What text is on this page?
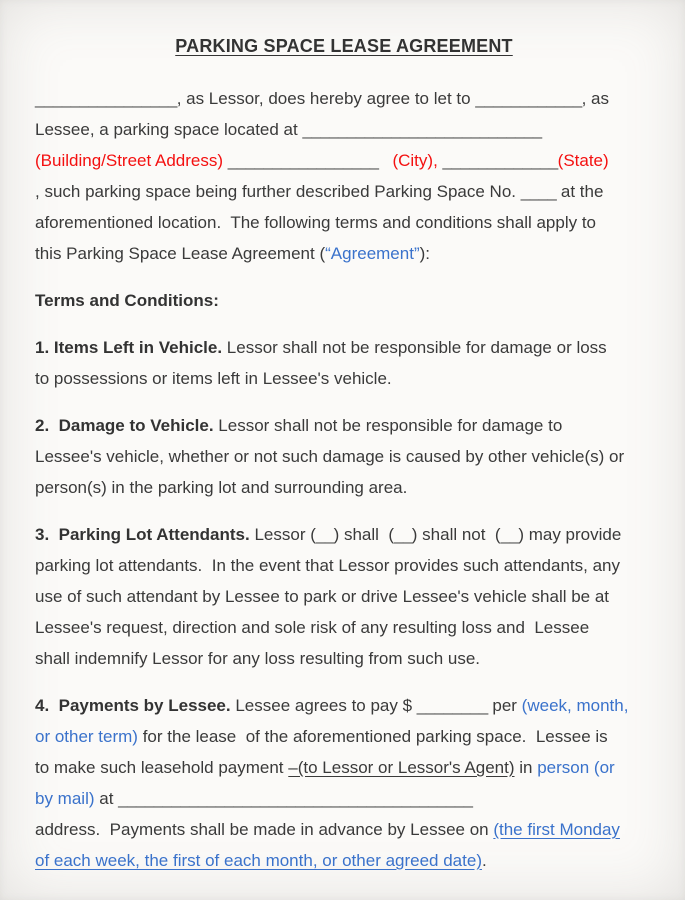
PARKING SPACE LEASE AGREEMENT
________________, as Lessor, does hereby agree to let to ____________, as
Lessee, a parking space located at ___________________________
(Building/Street Address) _________________ (City), _____________(State)
, such parking space being further described Parking Space No. ____ at the
aforementioned location.  The following terms and conditions shall apply to
this Parking Space Lease Agreement (“Agreement”):
Terms and Conditions:
1. Items Left in Vehicle. Lessor shall not be responsible for damage or loss
to possessions or items left in Lessee's vehicle.
2.  Damage to Vehicle. Lessor shall not be responsible for damage to
Lessee's vehicle, whether or not such damage is caused by other vehicle(s) or
person(s) in the parking lot and surrounding area.
3.  Parking Lot Attendants. Lessor (__) shall  (__) shall not  (__) may provide
parking lot attendants.  In the event that Lessor provides such attendants, any
use of such attendant by Lessee to park or drive Lessee's vehicle shall be at
Lessee's request, direction and sole risk of any resulting loss and  Lessee
shall indemnify Lessor for any loss resulting from such use.
4.  Payments by Lessee. Lessee agrees to pay $ ________ per (week, month,
or other term) for the lease  of the aforementioned parking space.  Lessee is
to make such leasehold payment –(to Lessor or Lessor's Agent) in person (or
by mail) at ________________________________________
address.  Payments shall be made in advance by Lessee on (the first Monday
of each week, the first of each month, or other agreed date).
